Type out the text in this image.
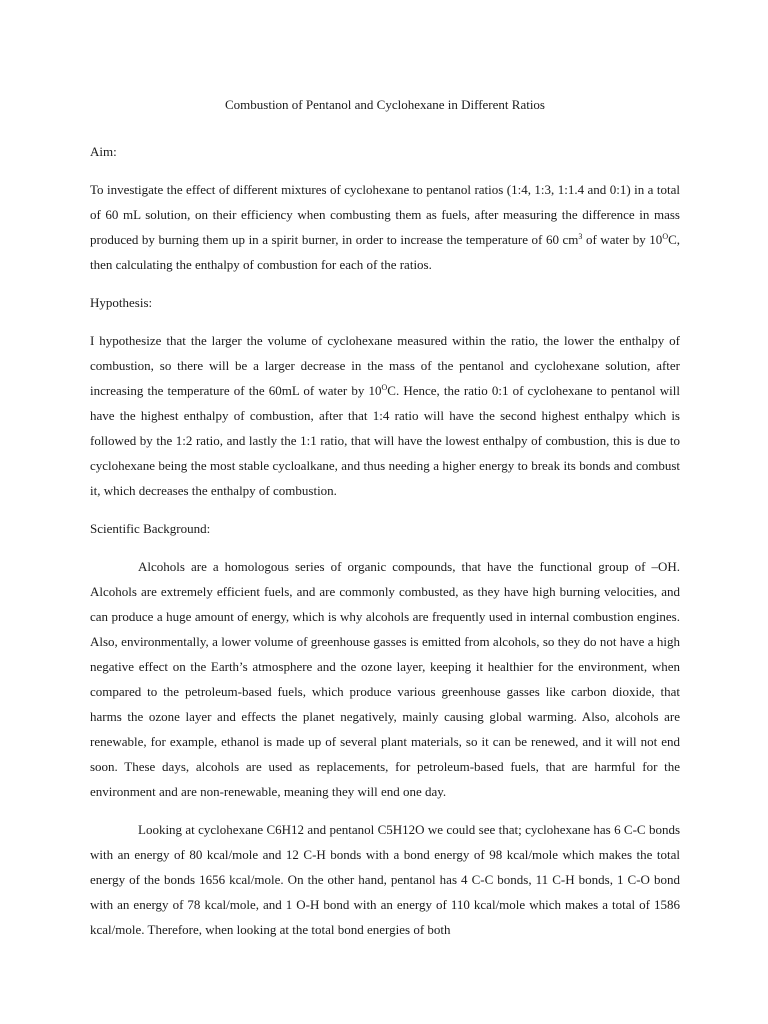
Combustion of Pentanol and Cyclohexane in Different Ratios

Aim:

To investigate the effect of different mixtures of cyclohexane to pentanol ratios (1:4, 1:3, 1:1.4 and 0:1) in a total of 60 mL solution, on their efficiency when combusting them as fuels, after measuring the difference in mass produced by burning them up in a spirit burner, in order to increase the temperature of 60 $cm^3$ of water by $10^OC$, then calculating the enthalpy of combustion for each of the ratios.

Hypothesis:

I hypothesize that the larger the volume of cyclohexane measured within the ratio, the lower the enthalpy of combustion, so there will be a larger decrease in the mass of the pentanol and cyclohexane solution, after increasing the temperature of the 60mL of water by $10^OC$. Hence, the ratio 0:1 of cyclohexane to pentanol will have the highest enthalpy of combustion, after that 1:4 ratio will have the second highest enthalpy which is followed by the 1:2 ratio, and lastly the 1:1 ratio, that will have the lowest enthalpy of combustion, this is due to cyclohexane being the most stable cycloalkane, and thus needing a higher energy to break its bonds and combust it, which decreases the enthalpy of combustion.

Scientific Background:

Alcohols are a homologous series of organic compounds, that have the functional group of –OH. Alcohols are extremely efficient fuels, and are commonly combusted, as they have high burning velocities, and can produce a huge amount of energy, which is why alcohols are frequently used in internal combustion engines. Also, environmentally, a lower volume of greenhouse gasses is emitted from alcohols, so they do not have a high negative effect on the Earth’s atmosphere and the ozone layer, keeping it healthier for the environment, when compared to the petroleum-based fuels, which produce various greenhouse gasses like carbon dioxide, that harms the ozone layer and effects the planet negatively, mainly causing global warming. Also, alcohols are renewable, for example, ethanol is made up of several plant materials, so it can be renewed, and it will not end soon. These days, alcohols are used as replacements, for petroleum-based fuels, that are harmful for the environment and are non-renewable, meaning they will end one day.

Looking at cyclohexane C6H12 and pentanol C5H12O we could see that; cyclohexane has 6 C-C bonds with an energy of 80 kcal/mole and 12 C-H bonds with a bond energy of 98 kcal/mole which makes the total energy of the bonds 1656 kcal/mole. On the other hand, pentanol has 4 C-C bonds, 11 C-H bonds, 1 C-O bond with an energy of 78 kcal/mole, and 1 O-H bond with an energy of 110 kcal/mole which makes a total of 1586 kcal/mole. Therefore, when looking at the total bond energies of both
